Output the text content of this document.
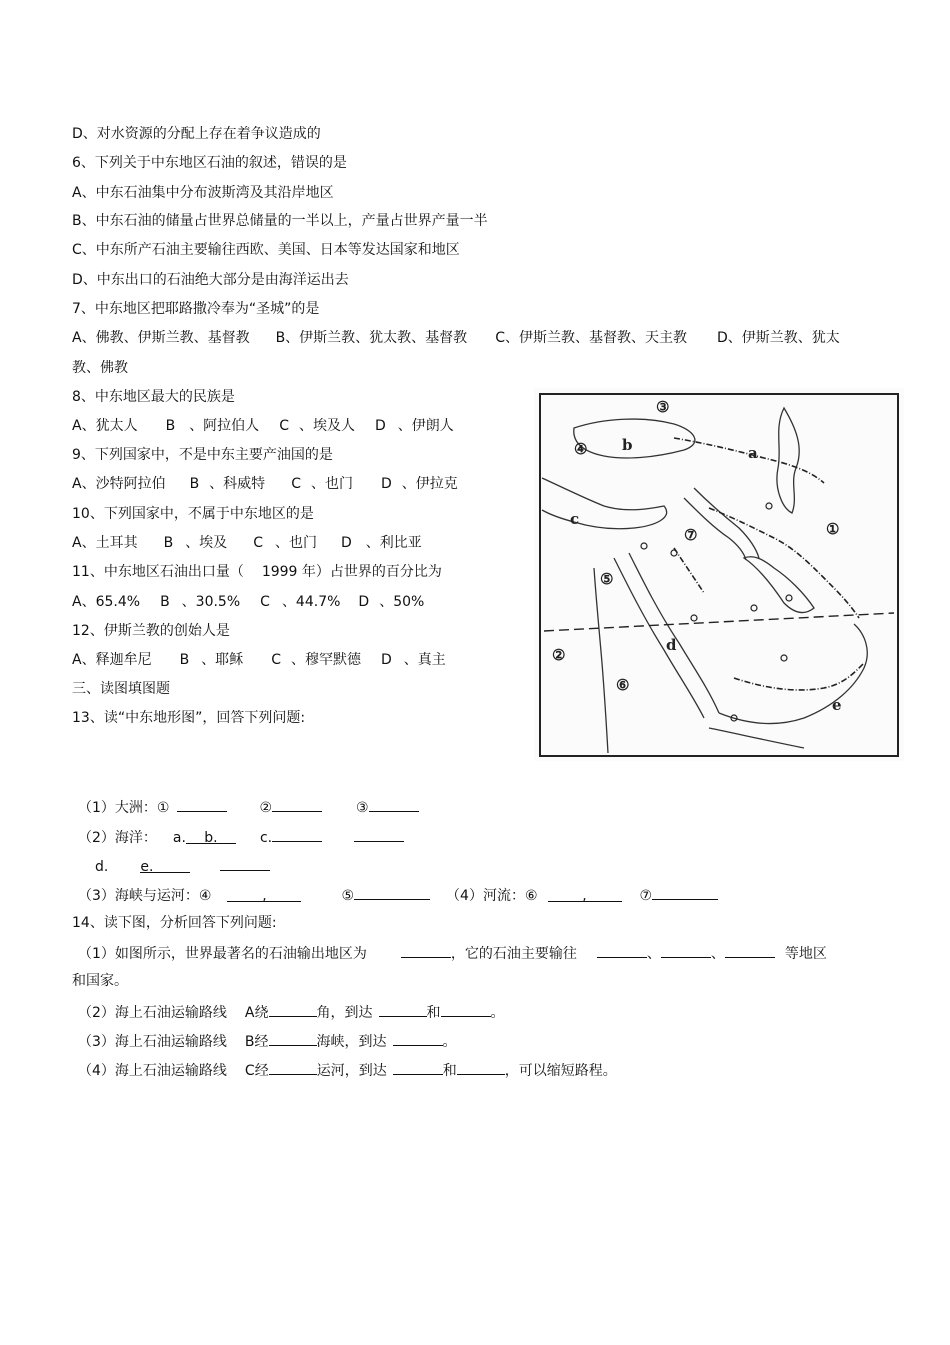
D、对水资源的分配上存在着争议造成的
6、下列关于中东地区石油的叙述，错误的是
A、中东石油集中分布波斯湾及其沿岸地区
B、中东石油的储量占世界总储量的一半以上，产量占世界产量一半
C、中东所产石油主要输往西欧、美国、日本等发达国家和地区
D、中东出口的石油绝大部分是由海洋运出去
7、中东地区把耶路撒冷奉为“圣城”的是
A、佛教、伊斯兰教、基督教 B、伊斯兰教、犹太教、基督教 C、伊斯兰教、基督教、天主教 D、伊斯兰教、犹太
教、佛教
8、中东地区最大的民族是
A、犹太人 B 、阿拉伯人 C 、埃及人 D 、伊朗人
9、下列国家中，不是中东主要产油国的是
A、沙特阿拉伯 B 、科威特 C 、也门 D 、伊拉克
10、下列国家中，不属于中东地区的是
A、土耳其 B 、埃及 C 、也门 D 、利比亚
11、中东地区石油出口量（ 1999 年）占世界的百分比为
A、65.4% B 、30.5% C 、44.7% D 、50%
12、伊斯兰教的创始人是
A、释迦牟尼 B 、耶稣 C 、穆罕默德 D 、真主
三、读图填图题
13、读“中东地形图”，回答下列问题:
③
④ b	a
①
c
⑦
⑤
d
②
⑥
e
（1）大洲：①	②	③
（2）海洋： a. b.	c.
d. e.
（3）海峡与运河：④	,	⑤	（4）河流：⑥	,	⑦
14、读下图，分析回答下列问题:
（1）如图所示，世界最著名的石油输出地区为	，它的石油主要输往	、	、	等地区
和国家。
（2）海上石油运输路线 A绕	角，到达	和	。
（3）海上石油运输路线 B经	海峡，到达	。
（4）海上石油运输路线 C经	运河，到达	和	，可以缩短路程。
